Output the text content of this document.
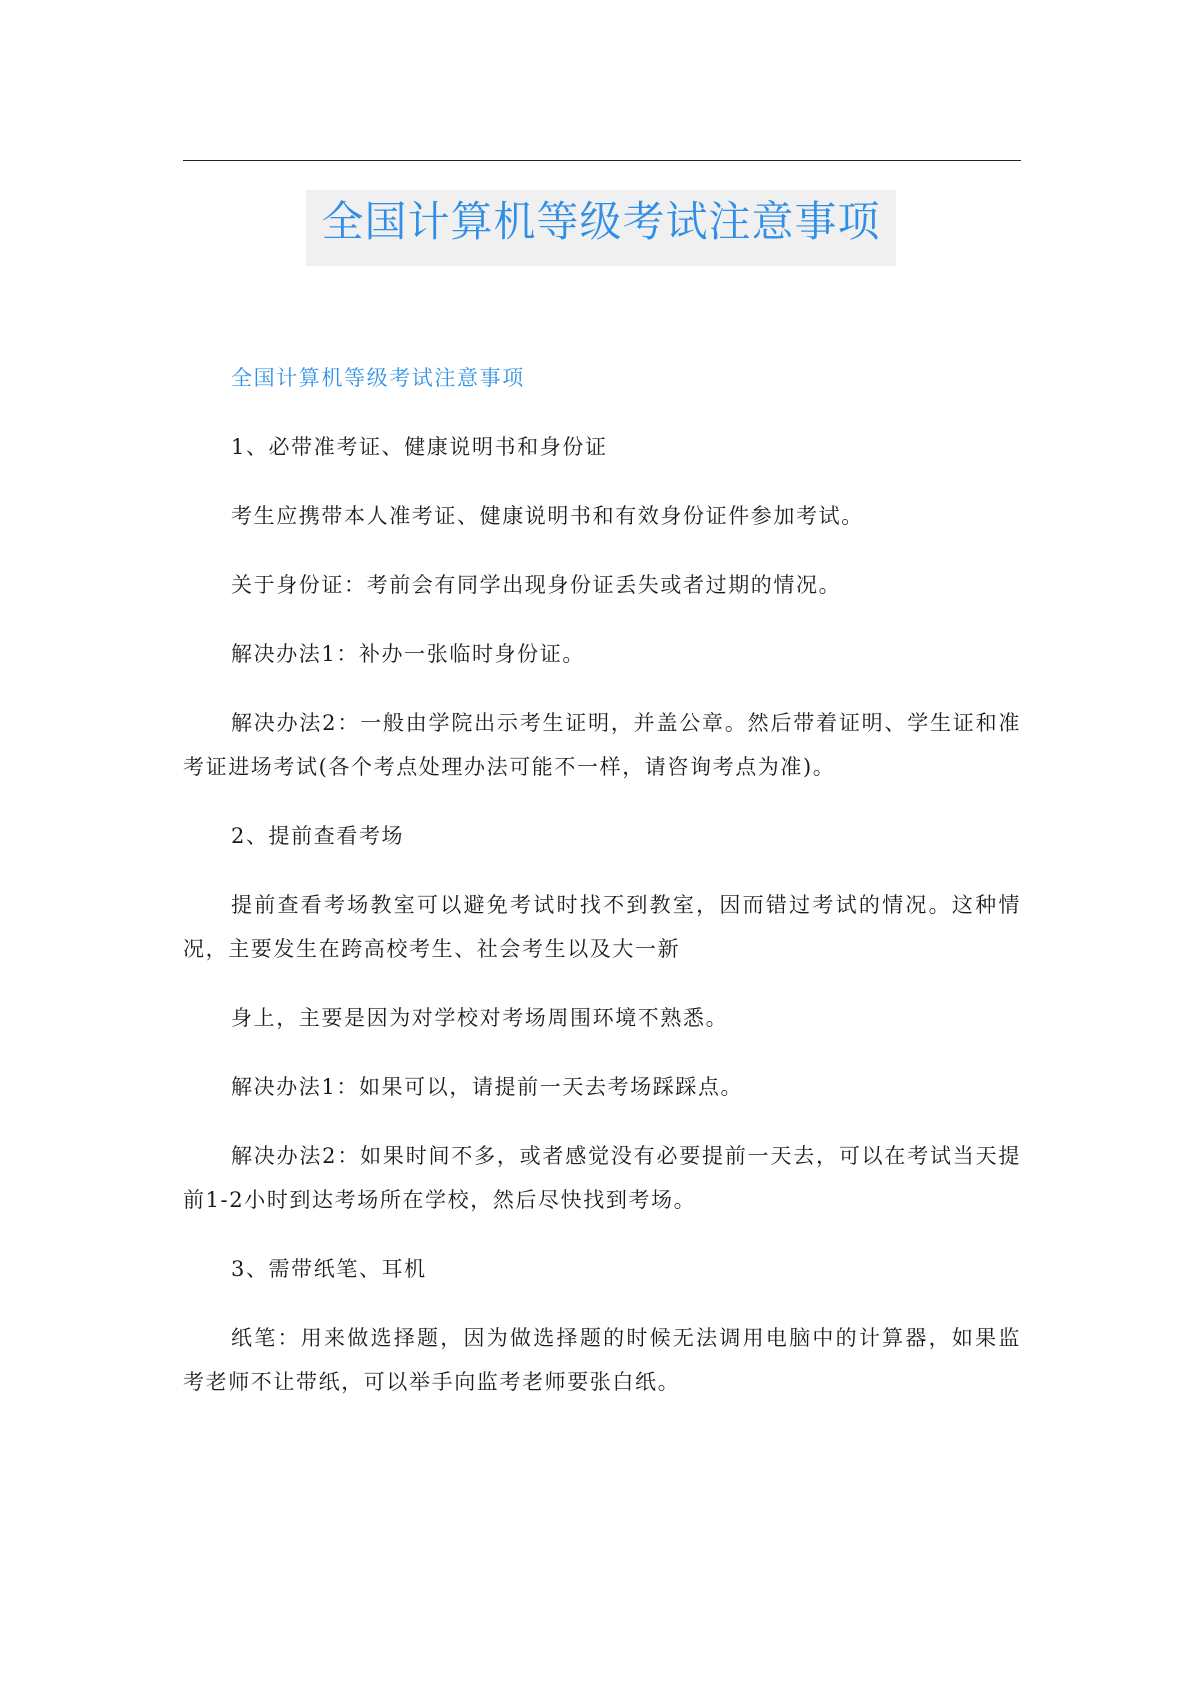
全国计算机等级考试注意事项

全国计算机等级考试注意事项

1、必带准考证、健康说明书和身份证

考生应携带本人准考证、健康说明书和有效身份证件参加考试。

关于身份证：考前会有同学出现身份证丢失或者过期的情况。

解决办法1：补办一张临时身份证。

解决办法2：一般由学院出示考生证明，并盖公章。然后带着证明、学生证和准考证进场考试(各个考点处理办法可能不一样，请咨询考点为准)。

2、提前查看考场

提前查看考场教室可以避免考试时找不到教室，因而错过考试的情况。这种情况，主要发生在跨高校考生、社会考生以及大一新

身上，主要是因为对学校对考场周围环境不熟悉。

解决办法1：如果可以，请提前一天去考场踩踩点。

解决办法2：如果时间不多，或者感觉没有必要提前一天去，可以在考试当天提前1-2小时到达考场所在学校，然后尽快找到考场。

3、需带纸笔、耳机

纸笔：用来做选择题，因为做选择题的时候无法调用电脑中的计算器，如果监考老师不让带纸，可以举手向监考老师要张白纸。
